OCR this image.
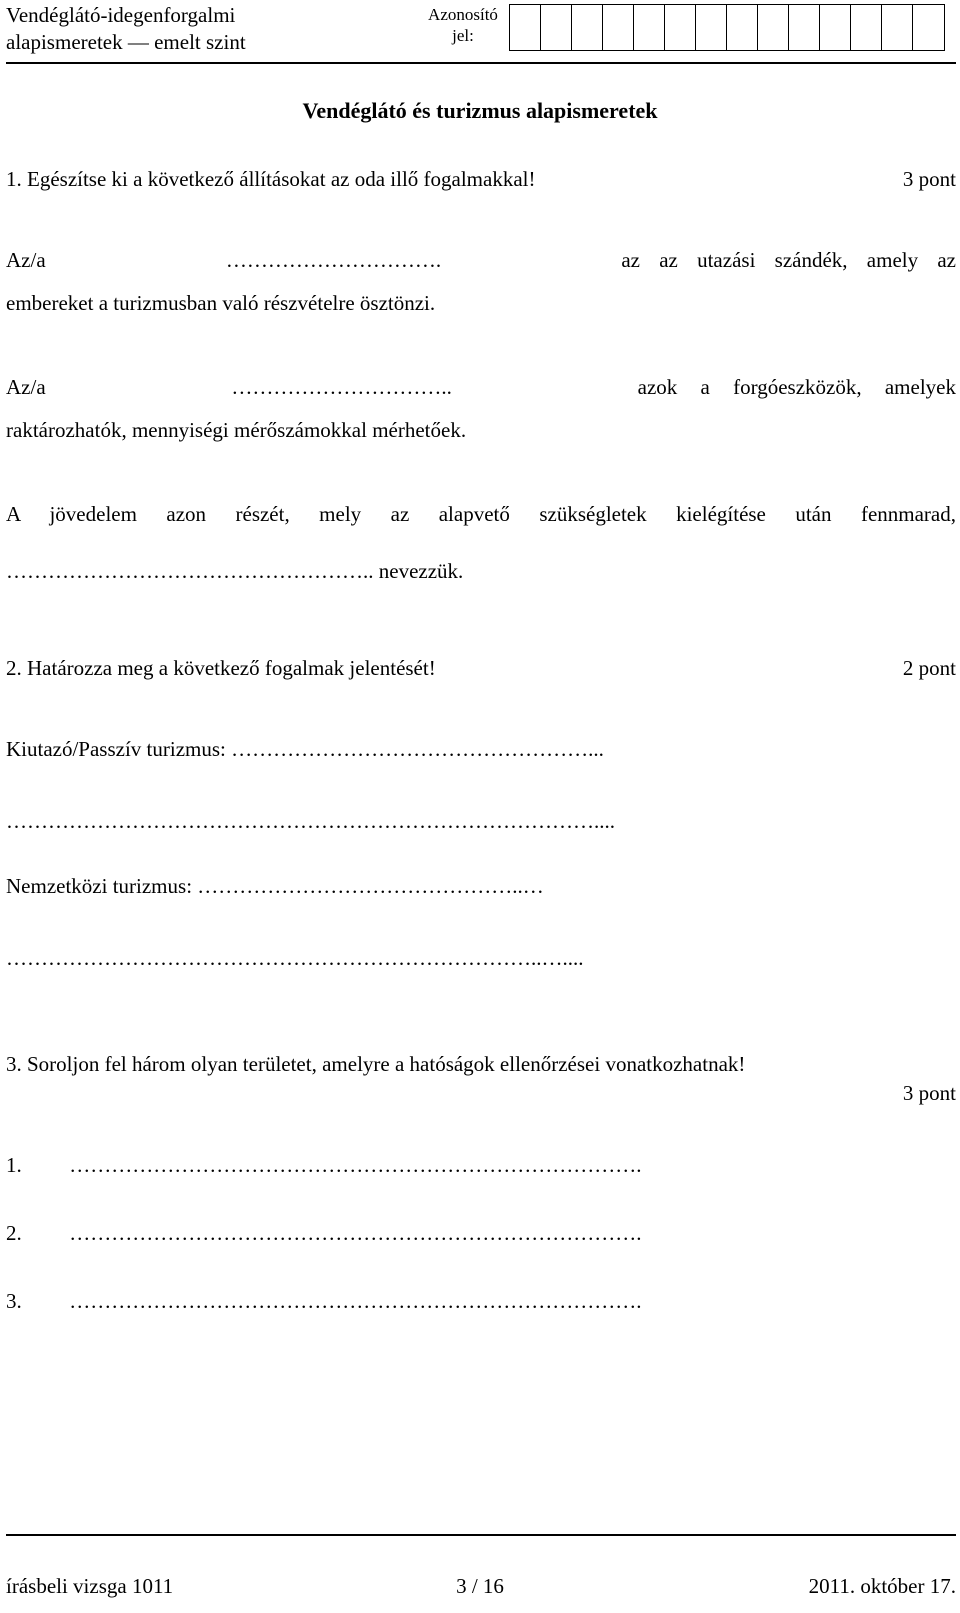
Vendéglátó-idegenforgalmi
alapismeretek — emelt szint
Azonosító
jel:
Vendéglátó és turizmus alapismeretek
1. Egészítse ki a következő állításokat az oda illő fogalmakkal!	3 pont
Az/a	………………………….	az az utazási szándék, amely az
embereket a turizmusban való részvételre ösztönzi.
Az/a	…………………………..	azok a forgóeszközök, amelyek
raktározhatók, mennyiségi mérőszámokkal mérhetőek.
A jövedelem azon részét, mely az alapvető szükségletek kielégítése után fennmarad,
…………………………………………….. nevezzük.
2. Határozza meg a következő fogalmak jelentését!	2 pont
Kiutazó/Passzív turizmus: ……………………………………………...
…………………………………………………………………………....
Nemzetközi turizmus: ………………………………………..…
…………………………………………………………………..…....
3. Soroljon fel három olyan területet, amelyre a hatóságok ellenőrzései vonatkozhatnak!
3 pont
1. ……………………………………………………………………….
2. ……………………………………………………………………….
3. ……………………………………………………………………….
írásbeli vizsga 1011	3 / 16	2011. október 17.
